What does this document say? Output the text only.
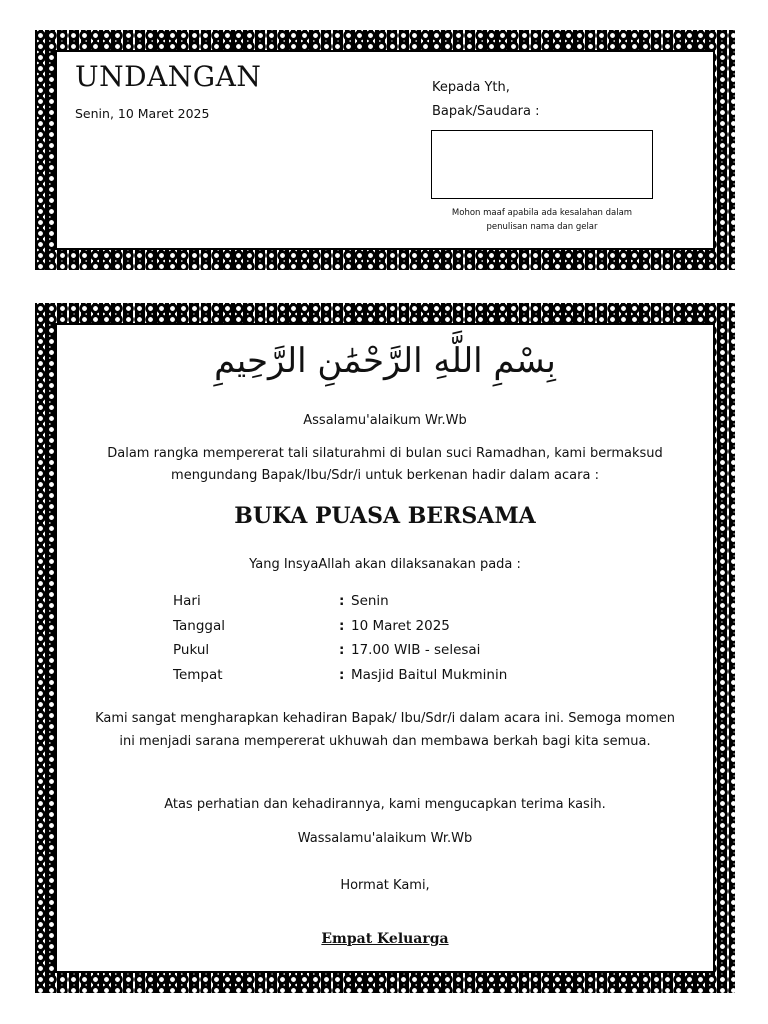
UNDANGAN
Senin, 10 Maret 2025
Kepada Yth,
Bapak/Saudara :
Mohon maaf apabila ada kesalahan dalam penulisan nama dan gelar
بِسْمِ اللَّهِ الرَّحْمَٰنِ الرَّحِيمِ
Assalamu'alaikum Wr.Wb
Dalam rangka mempererat tali silaturahmi di bulan suci Ramadhan, kami bermaksud mengundang Bapak/Ibu/Sdr/i untuk berkenan hadir dalam acara :
BUKA PUASA BERSAMA
Yang InsyaAllah akan dilaksanakan pada :
Hari	: Senin
Tanggal	: 10 Maret 2025
Pukul	: 17.00 WIB - selesai
Tempat	: Masjid Baitul Mukminin
Kami sangat mengharapkan kehadiran Bapak/ Ibu/Sdr/i dalam acara ini. Semoga momen ini menjadi sarana mempererat ukhuwah dan membawa berkah bagi kita semua.
Atas perhatian dan kehadirannya, kami mengucapkan terima kasih.
Wassalamu'alaikum Wr.Wb
Hormat Kami,
Empat Keluarga
